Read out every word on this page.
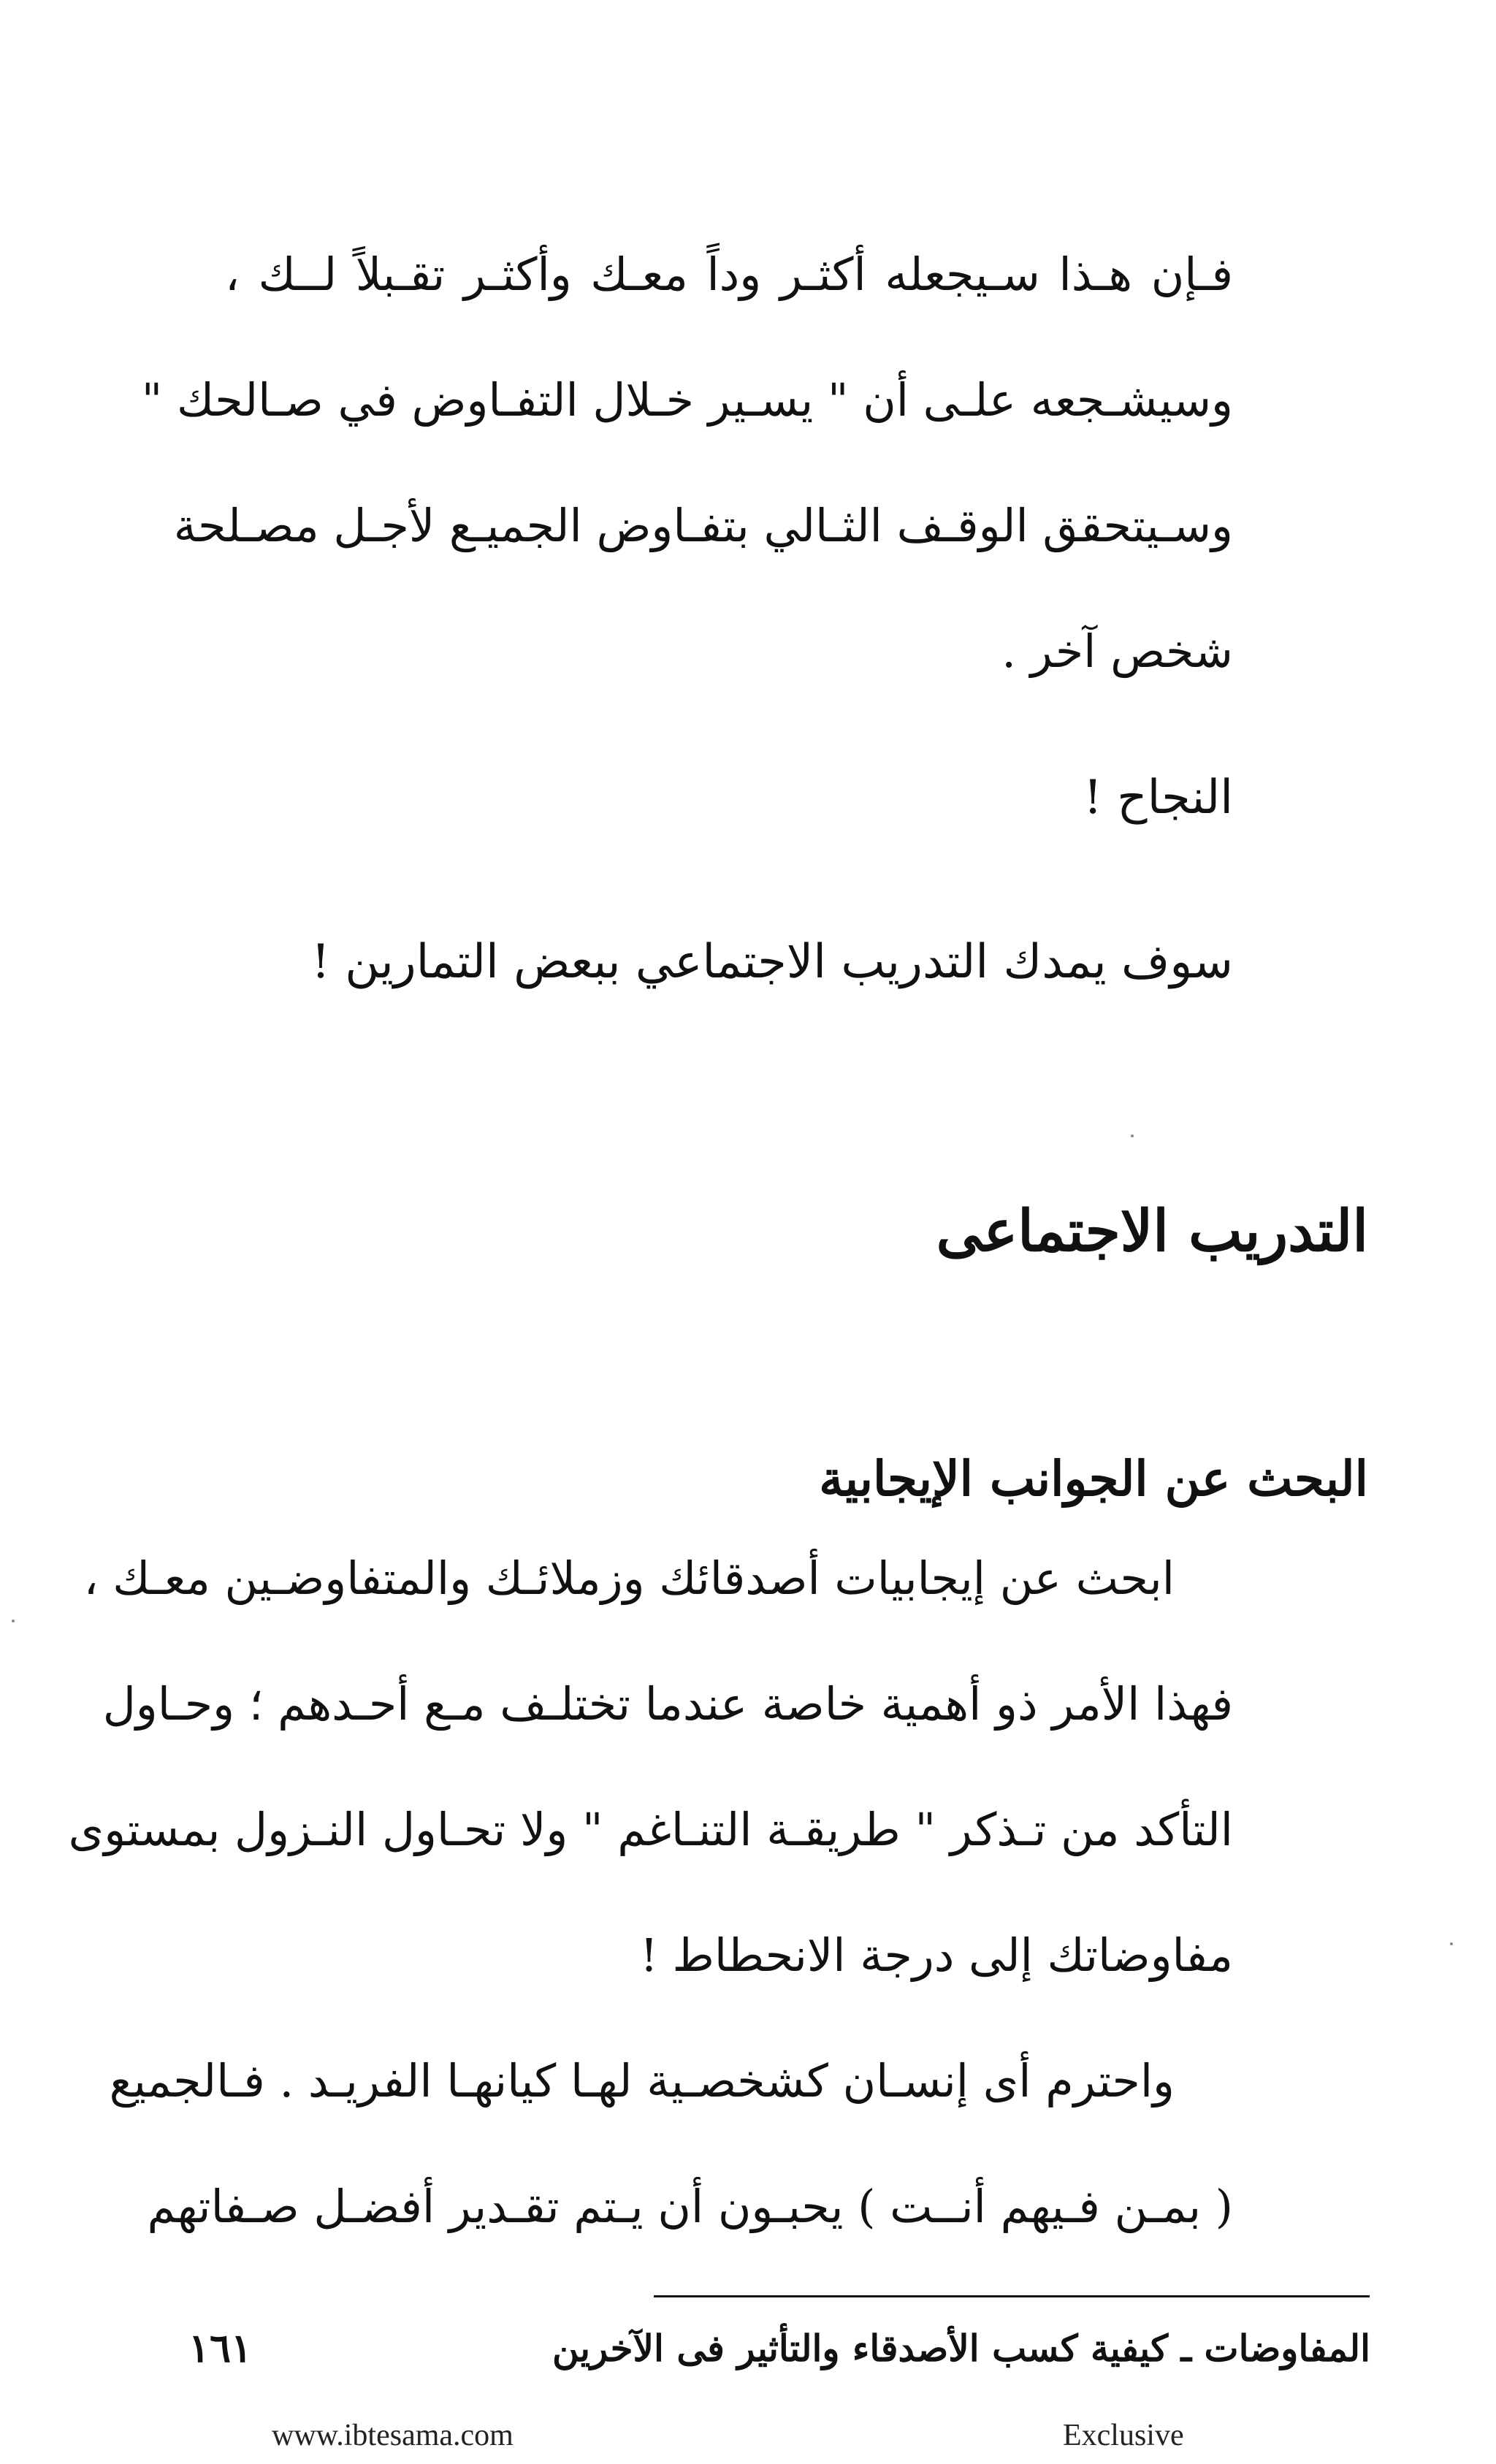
فـإن هـذا سـيجعله أكثـر وداً معـك وأكثـر تقـبلاً لــك ،
وسيشـجعه علـى أن " يسـير خـلال التفـاوض في صـالحك "
وسـيتحقق الوقـف الثـالي بتفـاوض الجميـع لأجـل مصـلحة
شخص آخر .

النجاح !

سوف يمدك التدريب الاجتماعي ببعض التمارين !

التدريب الاجتماعى
البحث عن الجوانب الإيجابية
ابحث عن إيجابيات أصدقائك وزملائـك والمتفاوضـين معـك ،
فهذا الأمر ذو أهمية خاصة عندما تختلـف مـع أحـدهم ؛ وحـاول
التأكد من تـذكر " طريقـة التنـاغم " ولا تحـاول النـزول بمستوى
مفاوضاتك إلى درجة الانحطاط !
واحترم أى إنسـان كشخصـية لهـا كيانهـا الفريـد . فـالجميع
( بمـن فـيهم أنــت ) يحبـون أن يـتم تقـدير أفضـل صـفاتهم

المفاوضات ـ كيفية كسب الأصدقاء والتأثير فى الآخرين

١٦١

www.ibtesama.com	Exclusive
